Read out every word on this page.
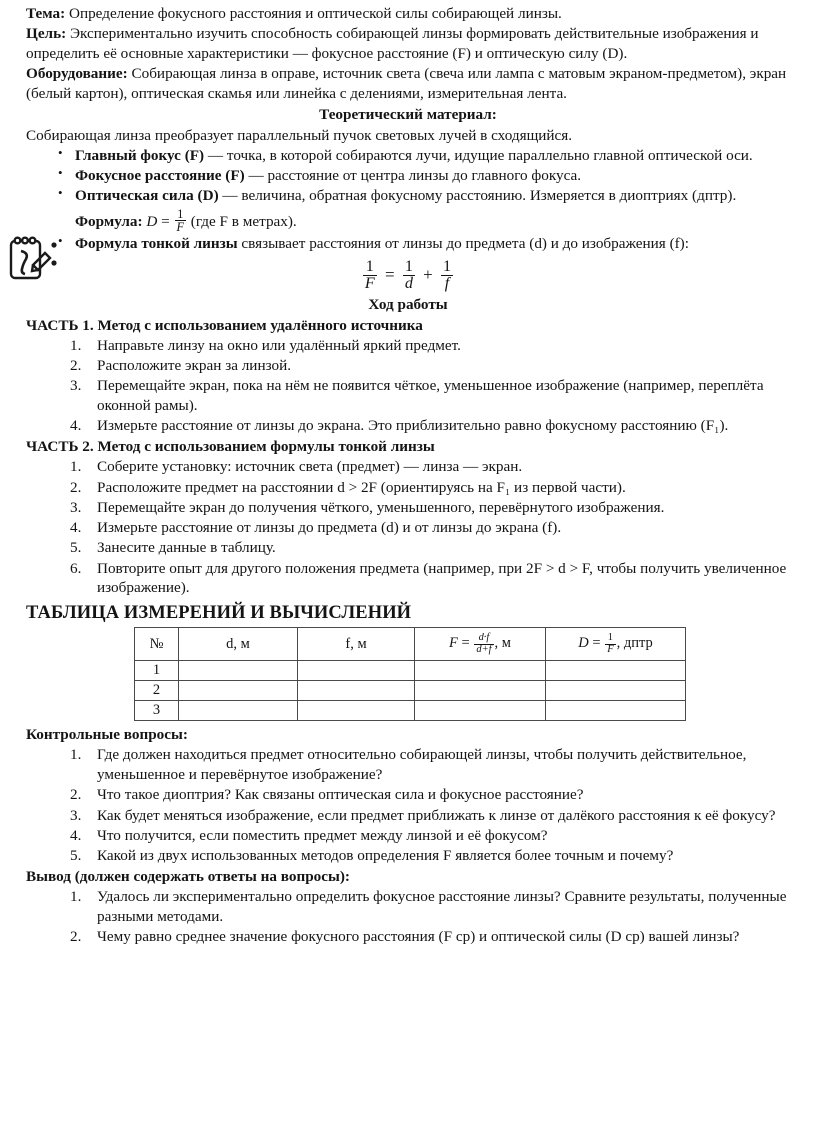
Тема: Определение фокусного расстояния и оптической силы собирающей линзы.

Цель: Экспериментально изучить способность собирающей линзы формировать действительные изображения и определить её основные характеристики — фокусное расстояние (F) и оптическую силу (D).

Оборудование: Собирающая линза в оправе, источник света (свеча или лампа с матовым экраном-предметом), экран (белый картон), оптическая скамья или линейка с делениями, измерительная лента.

Теоретический материал:

Собирающая линза преобразует параллельный пучок световых лучей в сходящийся.

• Главный фокус (F) — точка, в которой собираются лучи, идущие параллельно главной оптической оси.
• Фокусное расстояние (F) — расстояние от центра линзы до главного фокуса.
• Оптическая сила (D) — величина, обратная фокусному расстоянию. Измеряется в диоптриях (дптр).
Формула: $D = \frac{1}{F} (где$ F в метрах).
• Формула тонкой линзы связывает расстояния от линзы до предмета (d) и до изображения (f):
$\frac{1}{F} = \frac{1}{d} + \frac{1}{f}$

Ход работы

ЧАСТЬ 1. Метод с использованием удалённого источника

Направьте линзу на окно или удалённый яркий предмет.
Расположите экран за линзой.
Перемещайте экран, пока на нём не появится чёткое, уменьшенное изображение (например, переплёта оконной рамы).
Измерьте расстояние от линзы до экрана. Это приблизительно равно фокусному расстоянию (F₁).

ЧАСТЬ 2. Метод с использованием формулы тонкой линзы

Соберите установку: источник света (предмет) — линза — экран.
Расположите предмет на расстоянии d > 2F (ориентируясь на F₁ из первой части).
Перемещайте экран до получения чёткого, уменьшенного, перевёрнутого изображения.
Измерьте расстояние от линзы до предмета (d) и от линзы до экрана (f).
Занесите данные в таблицу.
Повторите опыт для другого положения предмета (например, при 2F > d > F, чтобы получить увеличенное изображение).

ТАБЛИЦА ИЗМЕРЕНИЙ И ВЫЧИСЛЕНИЙ

№	d, м	f, м	$F = \frac{d\cdot f}{d+f}$ , м	$D = \frac{1}{F}$ , дптр
1				
2				
3				

Контрольные вопросы:

Где должен находиться предмет относительно собирающей линзы, чтобы получить действительное, уменьшенное и перевёрнутое изображение?
Что такое диоптрия? Как связаны оптическая сила и фокусное расстояние?
Как будет меняться изображение, если предмет приближать к линзе от далёкого расстояния к её фокусу?
Что получится, если поместить предмет между линзой и её фокусом?
Какой из двух использованных методов определения F является более точным и почему?

Вывод (должен содержать ответы на вопросы):

Удалось ли экспериментально определить фокусное расстояние линзы? Сравните результаты, полученные разными методами.
Чему равно среднее значение фокусного расстояния (F ср) и оптической силы (D ср) вашей линзы?
